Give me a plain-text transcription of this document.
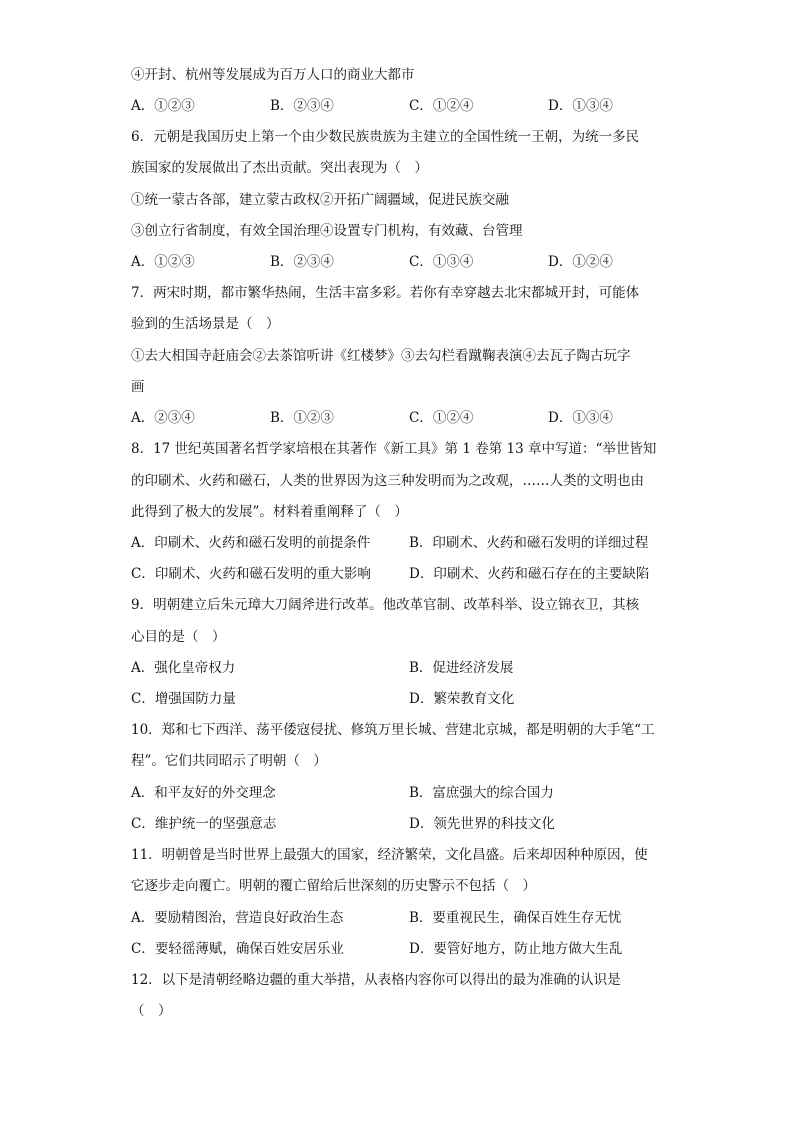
④开封、杭州等发展成为百万人口的商业大都市
A．①②③	B．②③④	C．①②④	D．①③④
6．元朝是我国历史上第一个由少数民族贵族为主建立的全国性统一王朝，为统一多民
族国家的发展做出了杰出贡献。突出表现为（　）
①统一蒙古各部，建立蒙古政权②开拓广阔疆域，促进民族交融
③创立行省制度，有效全国治理④设置专门机构，有效藏、台管理
A．①②③	B．②③④	C．①③④	D．①②④
7．两宋时期，都市繁华热闹，生活丰富多彩。若你有幸穿越去北宋都城开封，可能体
验到的生活场景是（　）
①去大相国寺赶庙会②去茶馆听讲《红楼梦》③去勾栏看蹴鞠表演④去瓦子陶古玩字
画
A．②③④	B．①②③	C．①②④	D．①③④
8．17 世纪英国著名哲学家培根在其著作《新工具》第 1 卷第 13 章中写道：“举世皆知
的印刷术、火药和磁石，人类的世界因为这三种发明而为之改观，……人类的文明也由
此得到了极大的发展”。材料着重阐释了（　）
A．印刷术、火药和磁石发明的前提条件	B．印刷术、火药和磁石发明的详细过程
C．印刷术、火药和磁石发明的重大影响	D．印刷术、火药和磁石存在的主要缺陷
9．明朝建立后朱元璋大刀阔斧进行改革。他改革官制、改革科举、设立锦衣卫，其核
心目的是（　）
A．强化皇帝权力	B．促进经济发展
C．增强国防力量	D．繁荣教育文化
10．郑和七下西洋、荡平倭寇侵扰、修筑万里长城、营建北京城，都是明朝的大手笔“工
程”。它们共同昭示了明朝（　）
A．和平友好的外交理念	B．富庶强大的综合国力
C．维护统一的坚强意志	D．领先世界的科技文化
11．明朝曾是当时世界上最强大的国家，经济繁荣，文化昌盛。后来却因种种原因，使
它逐步走向覆亡。明朝的覆亡留给后世深刻的历史警示不包括（　）
A．要励精图治，营造良好政治生态	B．要重视民生，确保百姓生存无忧
C．要轻徭薄赋，确保百姓安居乐业	D．要管好地方，防止地方做大生乱
12．以下是清朝经略边疆的重大举措，从表格内容你可以得出的最为准确的认识是
（　）
